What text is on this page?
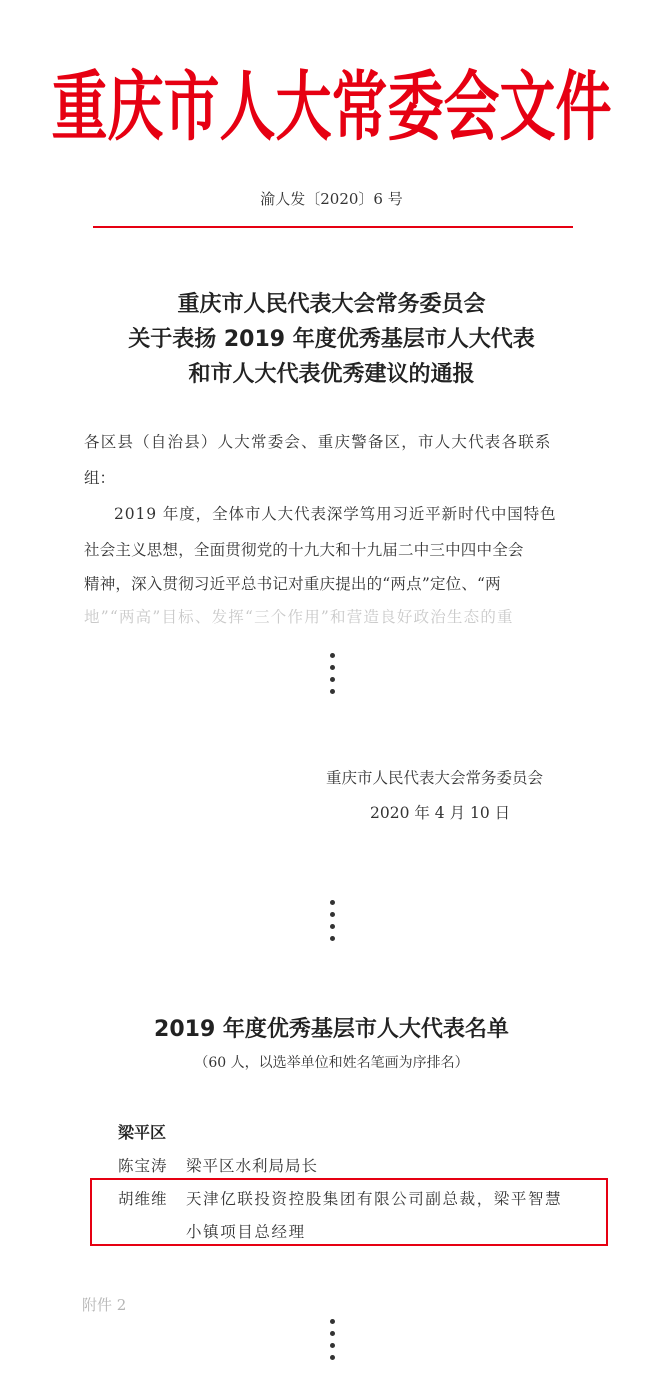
重庆市人大常委会文件
渝人发〔2020〕6 号
重庆市人民代表大会常务委员会
关于表扬 2019 年度优秀基层市人大代表
和市人大代表优秀建议的通报
各区县（自治县）人大常委会、重庆警备区，市人大代表各联系
组：
2019 年度，全体市人大代表深学笃用习近平新时代中国特色
社会主义思想，全面贯彻党的十九大和十九届二中三中四中全会
精神，深入贯彻习近平总书记对重庆提出的“两点”定位、“两
地”“两高”目标、发挥“三个作用”和营造良好政治生态的重
重庆市人民代表大会常务委员会
2020 年 4 月 10 日
2019 年度优秀基层市人大代表名单
（60 人，以选举单位和姓名笔画为序排名）
梁平区
陈宝涛 梁平区水利局局长
胡维维 天津亿联投资控股集团有限公司副总裁，梁平智慧
小镇项目总经理
附件 2
